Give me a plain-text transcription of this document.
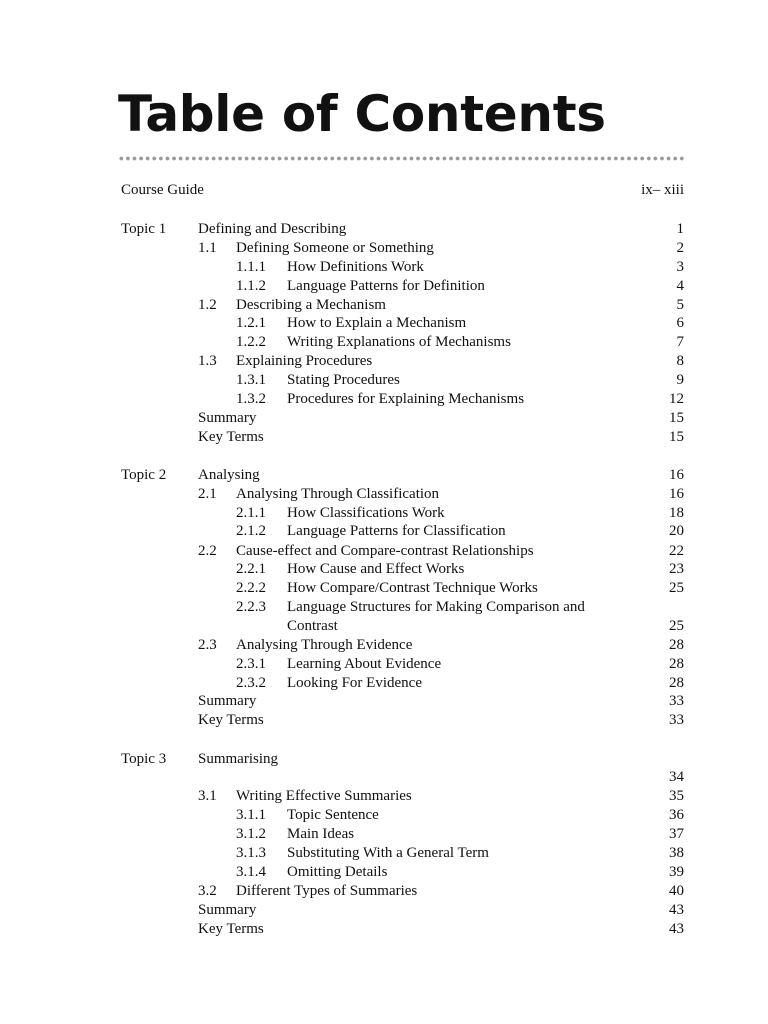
Table of Contents
Course Guide	ix– xiii
Topic 1 Defining and Describing	1
1.1 Defining Someone or Something	2
1.1.1 How Definitions Work	3
1.1.2 Language Patterns for Definition	4
1.2 Describing a Mechanism	5
1.2.1 How to Explain a Mechanism	6
1.2.2 Writing Explanations of Mechanisms	7
1.3 Explaining Procedures	8
1.3.1 Stating Procedures	9
1.3.2 Procedures for Explaining Mechanisms	12
Summary	15
Key Terms	15
Topic 2 Analysing	16
2.1 Analysing Through Classification	16
2.1.1 How Classifications Work	18
2.1.2 Language Patterns for Classification	20
2.2 Cause-effect and Compare-contrast Relationships	22
2.2.1 How Cause and Effect Works	23
2.2.2 How Compare/Contrast Technique Works	25
2.2.3 Language Structures for Making Comparison and
Contrast	25
2.3 Analysing Through Evidence	28
2.3.1 Learning About Evidence	28
2.3.2 Looking For Evidence	28
Summary	33
Key Terms	33
Topic 3 Summarising
34
3.1 Writing Effective Summaries	35
3.1.1 Topic Sentence	36
3.1.2 Main Ideas	37
3.1.3 Substituting With a General Term	38
3.1.4 Omitting Details	39
3.2 Different Types of Summaries	40
Summary	43
Key Terms	43
